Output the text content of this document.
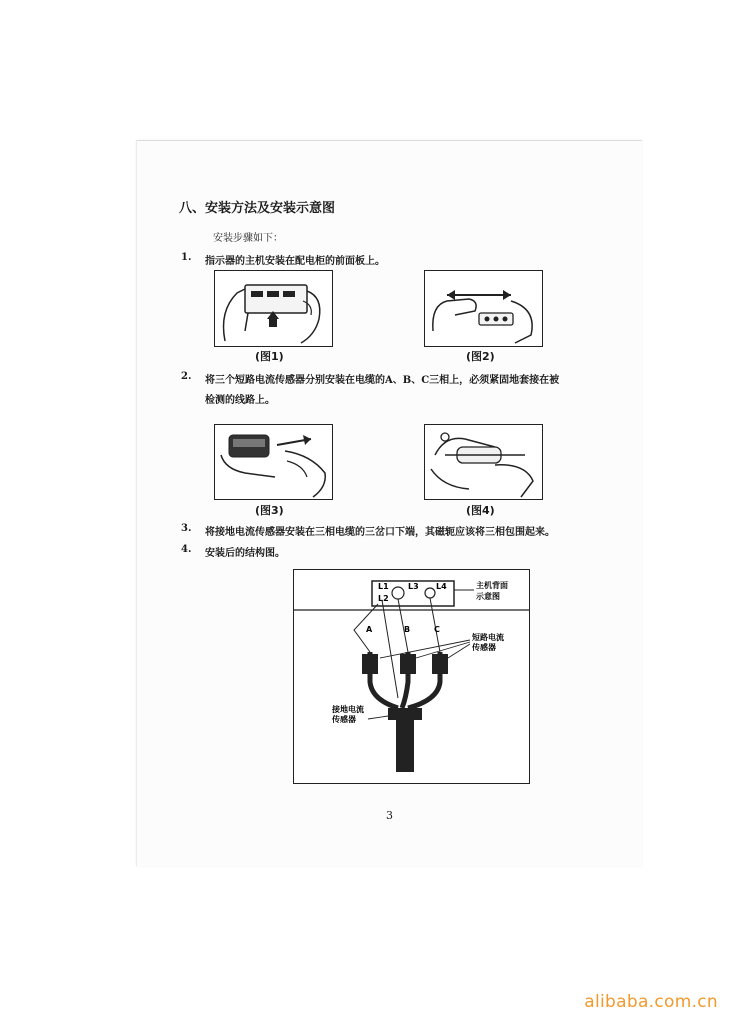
八、安装方法及安装示意图
安装步骤如下：
1. 指示器的主机安装在配电柜的前面板上。
(图1)	(图2)
2. 将三个短路电流传感器分别安装在电缆的A、B、C三相上，必须紧固地套接在被
检测的线路上。
(图3)	(图4)
3. 将接地电流传感器安装在三相电缆的三岔口下端，其磁轭应该将三相包围起来。
4. 安装后的结构图。
L1
L2
L3 L4	主机背面
示意图
A	B	C
短路电流
传感器
接地电流
传感器
3
alibaba.com.cn
